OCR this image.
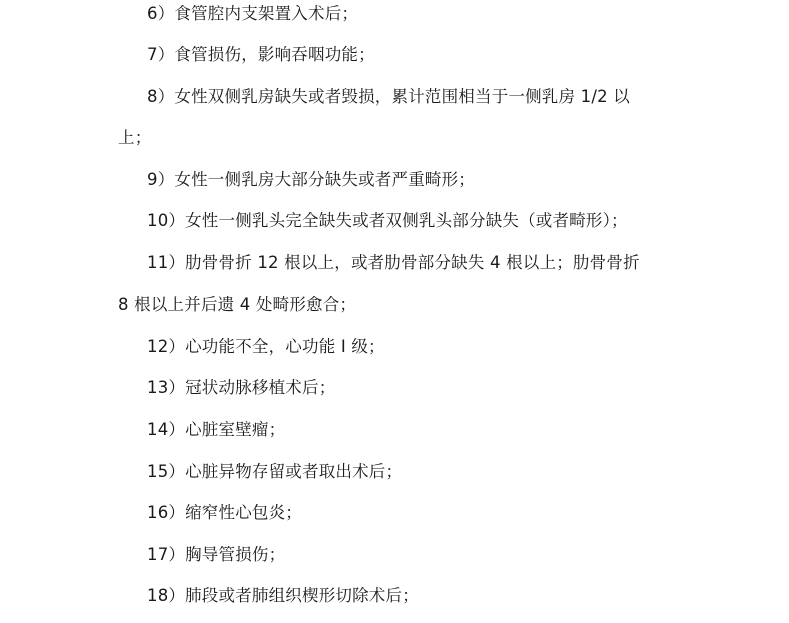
6）食管腔内支架置入术后；
7）食管损伤，影响吞咽功能；
8）女性双侧乳房缺失或者毁损，累计范围相当于一侧乳房 1/2 以
上；
9）女性一侧乳房大部分缺失或者严重畸形；
10）女性一侧乳头完全缺失或者双侧乳头部分缺失（或者畸形）；
11）肋骨骨折 12 根以上，或者肋骨部分缺失 4 根以上；肋骨骨折
8 根以上并后遗 4 处畸形愈合；
12）心功能不全，心功能 I 级；
13）冠状动脉移植术后；
14）心脏室壁瘤；
15）心脏异物存留或者取出术后；
16）缩窄性心包炎；
17）胸导管损伤；
18）肺段或者肺组织楔形切除术后；
